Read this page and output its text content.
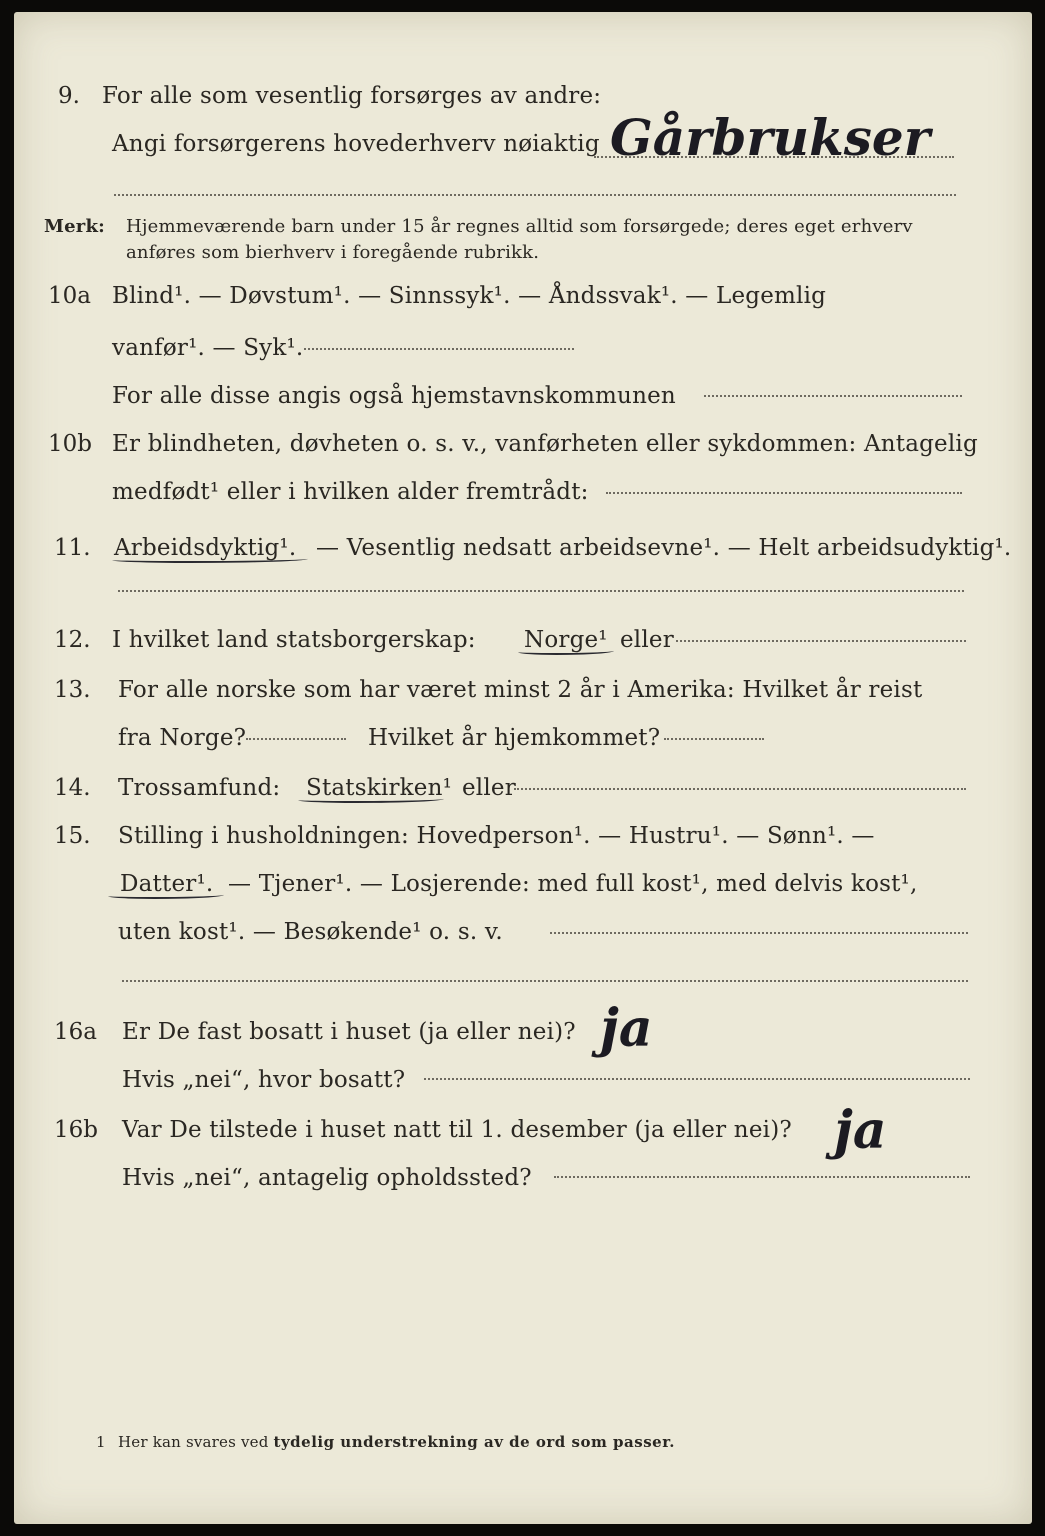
9. For alle som vesentlig forsørges av andre:
Angi forsørgerens hovederhverv nøiaktig Gårbrukser
Merk: Hjemmeværende barn under 15 år regnes alltid som forsørgede; deres eget erhverv
anføres som bierhverv i foregående rubrikk.
10a Blind¹. — Døvstum¹. — Sinnssyk¹. — Åndssvak¹. — Legemlig
vanfør¹. — Syk¹.
For alle disse angis også hjemstavnskommunen
10b Er blindheten, døvheten o. s. v., vanførheten eller sykdommen: Antagelig
medfødt¹ eller i hvilken alder fremtrådt:
11. Arbeidsdyktig¹. — Vesentlig nedsatt arbeidsevne¹. — Helt arbeidsudyktig¹.
12. I hvilket land statsborgerskap: Norge¹ eller
13. For alle norske som har været minst 2 år i Amerika: Hvilket år reist
fra Norge?	Hvilket år hjemkommet?
14. Trossamfund: Statskirken¹ eller
15. Stilling i husholdningen: Hovedperson¹. — Hustru¹. — Sønn¹. —
Datter¹. — Tjener¹. — Losjerende: med full kost¹, med delvis kost¹,
uten kost¹. — Besøkende¹ o. s. v.
16a Er De fast bosatt i huset (ja eller nei)? ja
Hvis „nei“, hvor bosatt?
16b Var De tilstede i huset natt til 1. desember (ja eller nei)? ja
Hvis „nei“, antagelig opholdssted?
1 Her kan svares ved tydelig understrekning av de ord som passer.
